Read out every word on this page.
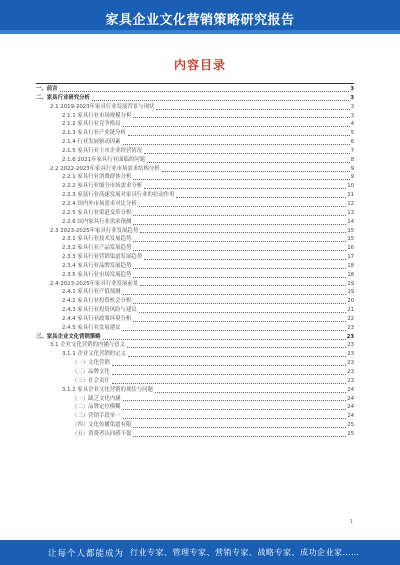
家具企业文化营销策略研究报告
内容目录
一、前言	3
二、家具行业研究分析	3
2.1 2019-2023年家具行业发展背景与现状	3
2.1.1 家具行业市场规模分析	3
2.1.2 家具行业竞争格局	4
2.1.3 家具行业产业链分析	5
2.1.4 行业发展驱动因素	6
2.1.5 家具行业上市企业经营情况	7
2.1.6 2021年家具行业面临的问题	8
2.2 2022-2023年家具行业市场需求结构分析	9
2.2.1 家具行业消费群体分析	9
2.2.2 家具行业细分市场需求分析	10
2.2.3 家装行业高速发展对家具行业的拉动作用	11
2.2.4 国内外市场需求对比分析	12
2.2.5 家具行业渠道变革分析	13
2.2.6 国内家具行业需求预测	14
2.3 2023-2025年家具行业发展趋势	15
2.3.1 家具行业技术发展趋势	15
2.3.2 家具行业产品发展趋势	16
2.3.3 家具行业营销渠道发展趋势	17
2.3.4 家具行业品牌发展趋势	18
2.3.5 家具行业市场发展趋势	18
2.4 2023-2025年家具行业发展前景	19
2.4.1 家具行业产值预测	19
2.4.2 家具行业投资机会分析	20
2.4.3 家具行业投资风险与建议	21
2.4.4 家具行业政策环境分析	22
2.4.5 家具行业发展建议	23
三、家具企业文化营销策略	23
3.1 企业文化营销的内涵与意义	23
3.1.1 企业文化营销的定义	23
（一）文化营销	23
（二）品牌文化	23
（三）社会责任	23
3.1.2 家具企业文化营销的现状与问题	24
（一）缺乏文化内涵	24
（二）品牌定位模糊	24
（三）营销手段单一	24
（四）文化传播渠道有限	25
（五）消费者认同感不强	25
1
让每个人都能成为 行业专家、管理专家、营销专家、战略专家、成功企业家……
